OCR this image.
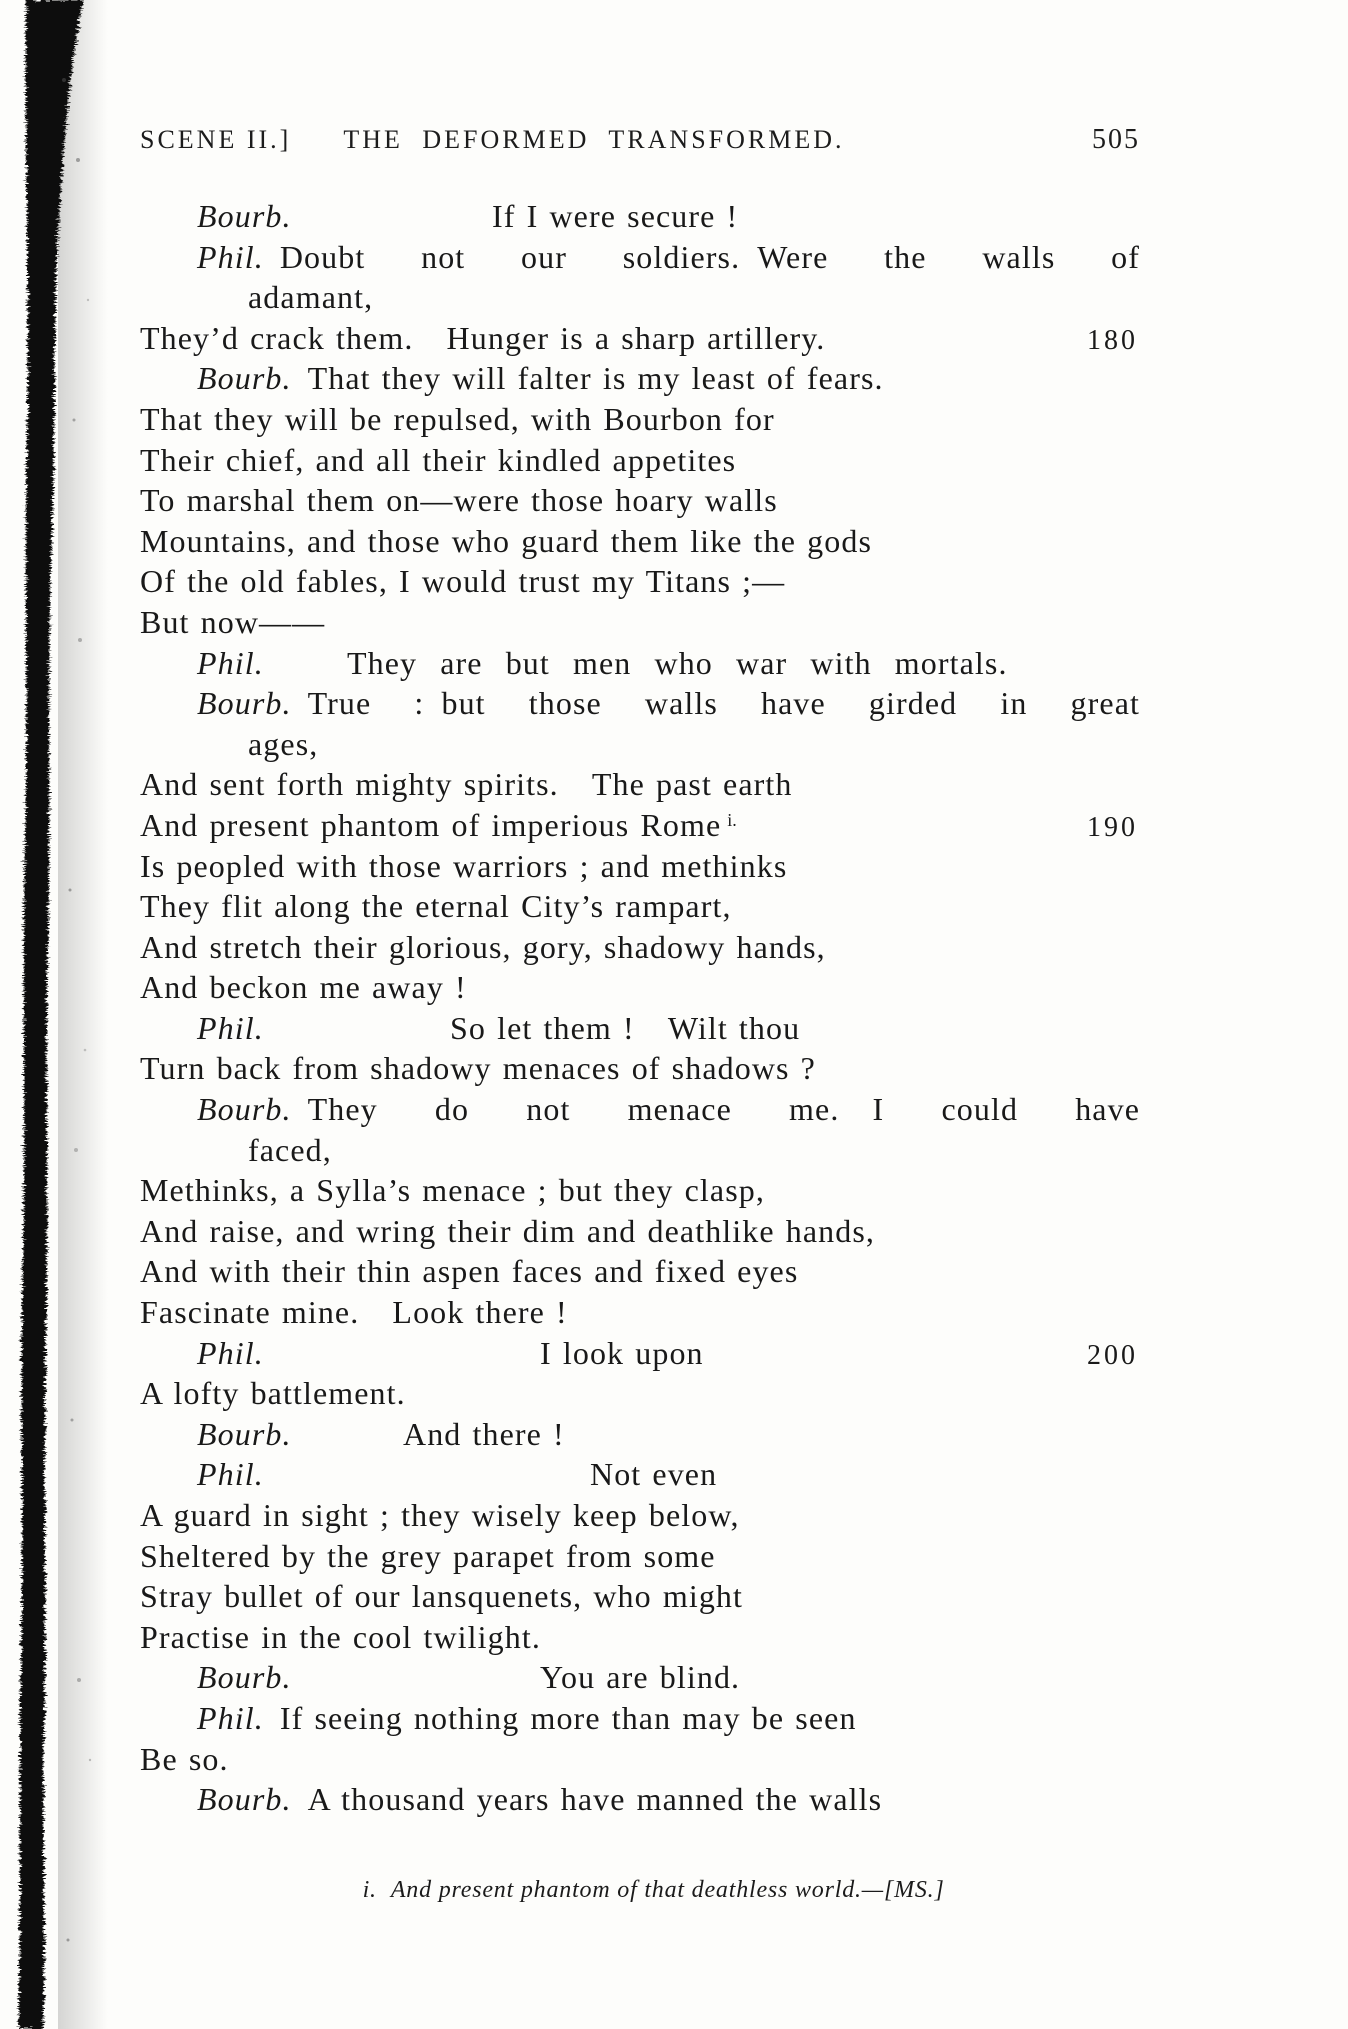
SCENE II.] THE DEFORMED TRANSFORMED.	505
Bourb.	If I were secure !
Phil. Doubt not our soldiers. Were the walls of
adamant,
They’d crack them. Hunger is a sharp artillery.	180
Bourb. That they will falter is my least of fears.
That they will be repulsed, with Bourbon for
Their chief, and all their kindled appetites
To marshal them on—were those hoary walls
Mountains, and those who guard them like the gods
Of the old fables, I would trust my Titans ;—
But now——
Phil.	They are but men who war with mortals.
Bourb. True : but those walls have girded in great
ages,
And sent forth mighty spirits. The past earth
And present phantom of imperious Rome $^{i.}$	190
Is peopled with those warriors ; and methinks
They flit along the eternal City’s rampart,
And stretch their glorious, gory, shadowy hands,
And beckon me away !
Phil.	So let them ! Wilt thou
Turn back from shadowy menaces of shadows ?
Bourb. They do not menace me. I could have
faced,
Methinks, a Sylla’s menace ; but they clasp,
And raise, and wring their dim and deathlike hands,
And with their thin aspen faces and fixed eyes
Fascinate mine. Look there !
Phil.	I look upon	200
A lofty battlement.
Bourb.	And there !
Phil.	Not even
A guard in sight ; they wisely keep below,
Sheltered by the grey parapet from some
Stray bullet of our lansquenets, who might
Practise in the cool twilight.
Bourb.	You are blind.
Phil. If seeing nothing more than may be seen
Be so.
Bourb. A thousand years have manned the walls

i. And present phantom of that deathless world.—[MS.]
